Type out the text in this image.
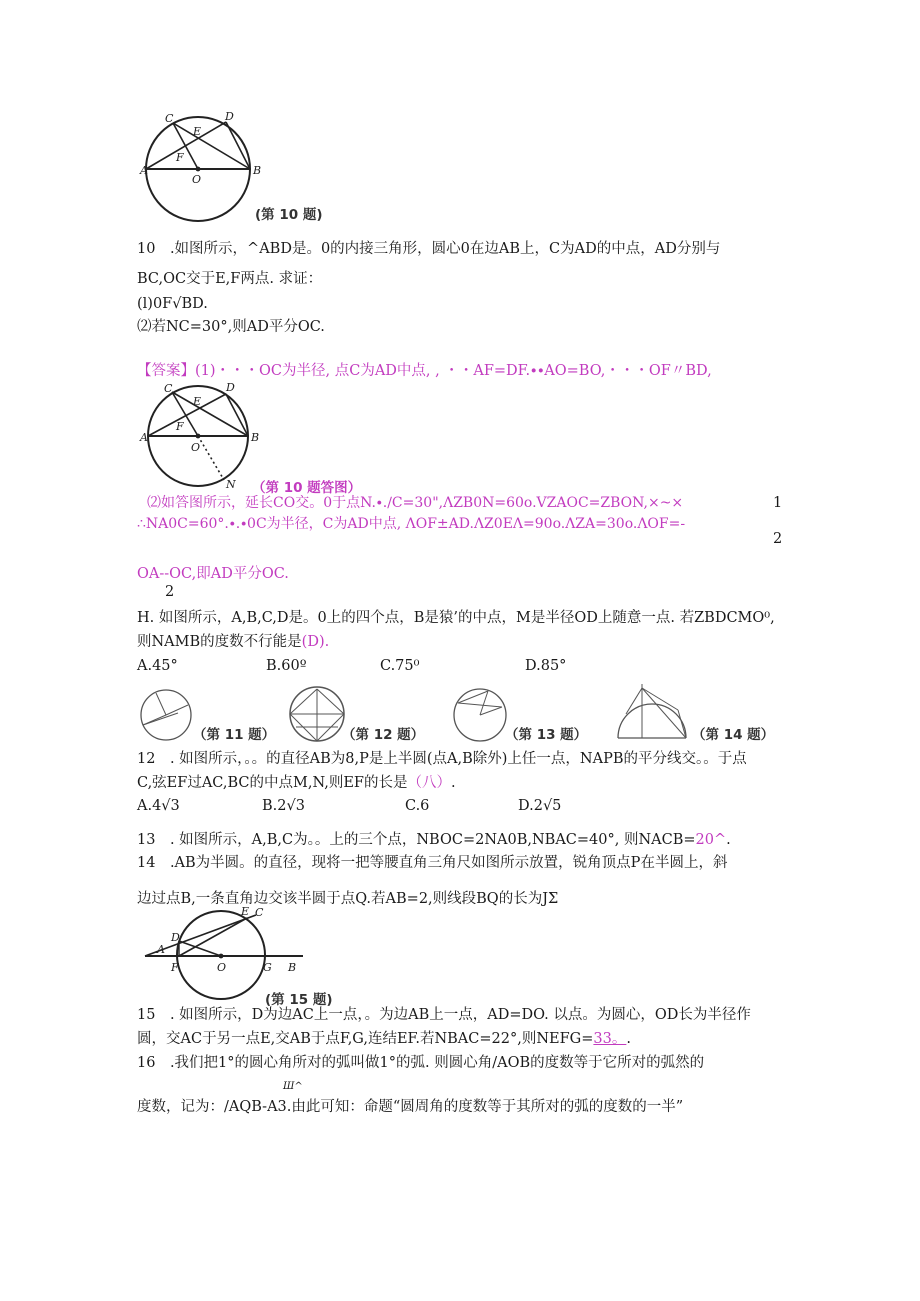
C	D
E
F
A	B
O
(第 10 题)
10　.如图所示，^ABD是。0的内接三角形，圆心0在边AB上，C为AD的中点，AD分别与
BC,OC交于E,F两点. 求证：
(l)0F√BD.
⑵若NC=30°,则AD平分OC.
【答案】(1)・・・OC为半径, 点C为AD中点, , ・・AF=DF.∙∙AO=BO,・・・OF〃BD,
C	D
E
F
A	B
O
N （第 10 题答图）
⑵如答图所示，延长CO交。0于点N.∙.∕C=30",ΛZB0N=60o.VZAOC=ZBON,×~×	1
∴NA0C=60°.∙.∙0C为半径，C为AD中点, ΛOF±AD.ΛZ0EΛ=90o.ΛZA=30o.ΛOF=-
2
OA--OC,即AD平分OC.
2
H. 如图所示，A,B,C,D是。0上的四个点，B是猿’的中点，M是半径OD上随意一点. 若ZBDCMO⁰,
则NAMB的度数不行能是(D).
A.45°	B.60º	C.75⁰	D.85°
（第 11 题）	（第 12 题）	（第 13 题）	（第 14 题）
12　. 如图所示，。。的直径AB为8,P是上半圆(点A,B除外)上任一点，NAPB的平分线交。。于点
C,弦EF过AC,BC的中点M,N,则EF的长是（八）.
A.4√3	B.2√3	C.6	D.2√5
13　. 如图所示，A,B,C为。。上的三个点，NBOC=2NA0B,NBAC=40°, 则NACB=20^.
14　.AB为半圆。的直径，现将一把等腰直角三角尺如图所示放置，锐角顶点P在半圆上，斜
边过点B,一条直角边交该半圆于点Q.若AB=2,则线段BQ的长为JΣ
E C
D
A
F	O	G B
(第 15 题)
15　. 如图所示，D为边AC上一点，。为边AB上一点，AD=DO. 以点。为圆心，OD长为半径作
圆，交AC于另一点E,交AB于点F,G,连结EF.若NBAC=22°,则NEFG=33。.
16　.我们把1°的圆心角所对的弧叫做1°的弧. 则圆心角/AOB的度数等于它所对的弧然的
Ш^
度数，记为：/AQB-A3.由此可知：命题“圆周角的度数等于其所对的弧的度数的一半”
